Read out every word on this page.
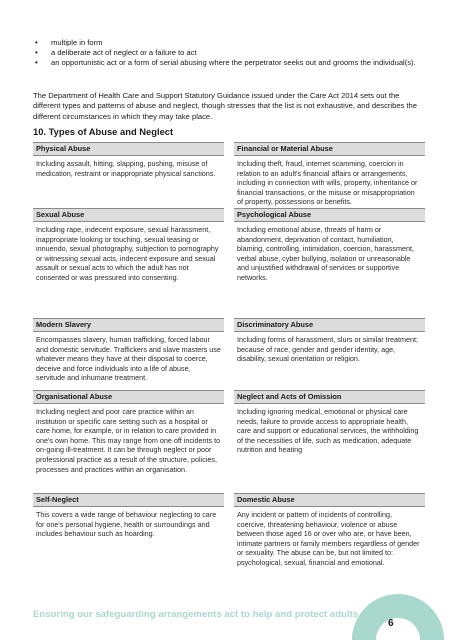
• multiple in form
• a deliberate act of neglect or a failure to act
• an opportunistic act or a form of serial abusing where the perpetrator seeks out and grooms the individual(s).

The Department of Health Care and Support Statutory Guidance issued under the Care Act 2014 sets out the different types and patterns of abuse and neglect, though stresses that the list is not exhaustive, and describes the different circumstances in which they may take place.

10. Types of Abuse and Neglect
Physical Abuse
Including assault, hitting, slapping, pushing, misuse of medication, restraint or inappropriate physical sanctions.
Financial or Material Abuse
Including theft, fraud, internet scamming, coercion in relation to an adult's financial affairs or arrangements, including in connection with wills, property, inheritance or financial transactions, or the misuse or misappropriation of property, possessions or benefits.
Sexual Abuse
Including rape, indecent exposure, sexual harassment, inappropriate looking or touching, sexual teasing or innuendo, sexual photography, subjection to pornography or witnessing sexual acts, indecent exposure and sexual assault or sexual acts to which the adult has not consented or was pressured into consenting.
Psychological Abuse
Including emotional abuse, threats of harm or abandonment, deprivation of contact, humiliation, blaming, controlling, intimidation, coercion, harassment, verbal abuse, cyber bullying, isolation or unreasonable and unjustified withdrawal of services or supportive networks.
Modern Slavery
Encompasses slavery, human trafficking, forced labour and domestic servitude. Traffickers and slave masters use whatever means they have at their disposal to coerce, deceive and force individuals into a life of abuse, servitude and inhumane treatment.
Discriminatory Abuse
Including forms of harassment, slurs or similar treatment; because of race, gender and gender identity, age, disability, sexual orientation or religion.
Organisational Abuse
Including neglect and poor care practice within an institution or specific care setting such as a hospital or care home, for example, or in relation to care provided in one's own home. This may range from one off incidents to on-going ill-treatment. It can be through neglect or poor professional practice as a result of the structure, policies, processes and practices within an organisation.
Neglect and Acts of Omission
Including ignoring medical, emotional or physical care needs, failure to provide access to appropriate health, care and support or educational services, the withholding of the necessities of life, such as medication, adequate nutrition and heating
Self-Neglect
This covers a wide range of behaviour neglecting to care for one's personal hygiene, health or surroundings and includes behaviour such as hoarding.
Domestic Abuse
Any incident or pattern of incidents of controlling, coercive, threatening behaviour, violence or abuse between those aged 16 or over who are, or have been, intimate partners or family members regardless of gender or sexuality. The abuse can be, but not limited to: psychological, sexual, financial and emotional.
Ensuring our safeguarding arrangements act to help and protect adults
6
